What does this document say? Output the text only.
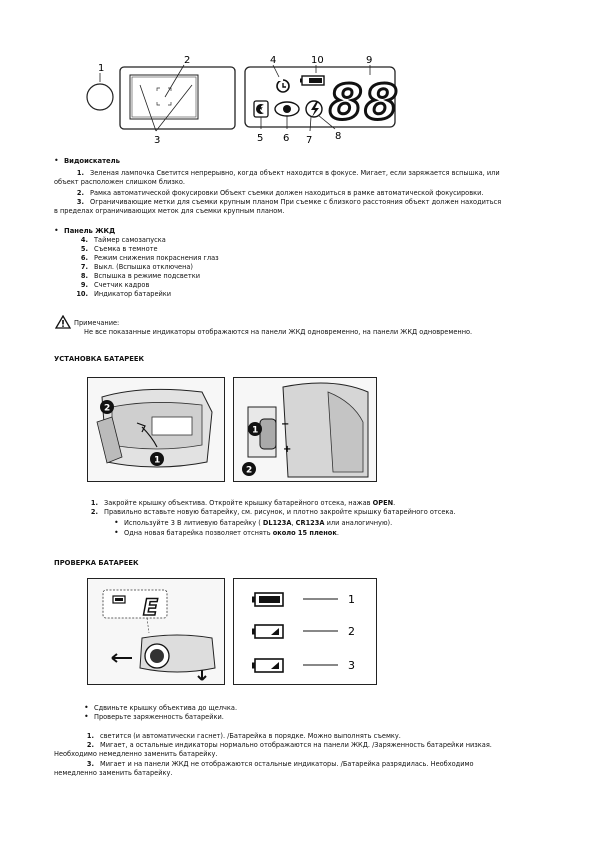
1
2
3
4	10	9
88
★
5 6 7 8
• Видоискатель
1. Зеленая лампочка Светится непрерывно, когда объект находится в фокусе. Мигает, если заряжается вспышка, или
объект расположен слишком близко.
2. Рамка автоматической фокусировки Объект съемки должен находиться в рамке автоматической фокусировки.
3. Ограничивающие метки для съемки крупным планом При съемке с близкого расстояния объект должен находиться
в пределах ограничивающих меток для съемки крупным планом.
• Панель ЖКД
4. Таймер самозапуска
5. Съемка в темноте
6. Режим снижения покраснения глаз
7. Выкл. (Вспышка отключена)
8. Вспышка в режиме подсветки
9. Счетчик кадров
10. Индикатор батарейки
Примечание:
Не все показанные индикаторы отображаются на панели ЖКД одновременно, на панели ЖКД одновременно.
УСТАНОВКА БАТАРЕЕК
2
1
−
+
1
2
1. Закройте крышку объектива. Откройте крышку батарейного отсека, нажав OPEN.
2. Правильно вставьте новую батарейку, см. рисунок, и плотно закройте крышку батарейного отсека.
• Используйте 3 В литиевую батарейку ( DL123A, CR123A или аналогичную).
• Одна новая батарейка позволяет отснять около 15 пленок.
ПРОВЕРКА БАТАРЕЕК
E	1
2
3
• Сдвиньте крышку объектива до щелчка.
• Проверьте заряженность батарейки.
1. светится (и автоматически гаснет). /Батарейка в порядке. Можно выполнять съемку.
2. Мигает, а остальные индикаторы нормально отображаются на панели ЖКД. /Заряженность батарейки низкая.
Необходимо немедленно заменить батарейку.
3. Мигает и на панели ЖКД не отображаются остальные индикаторы. /Батарейка разрядилась. Необходимо
немедленно заменить батарейку.
